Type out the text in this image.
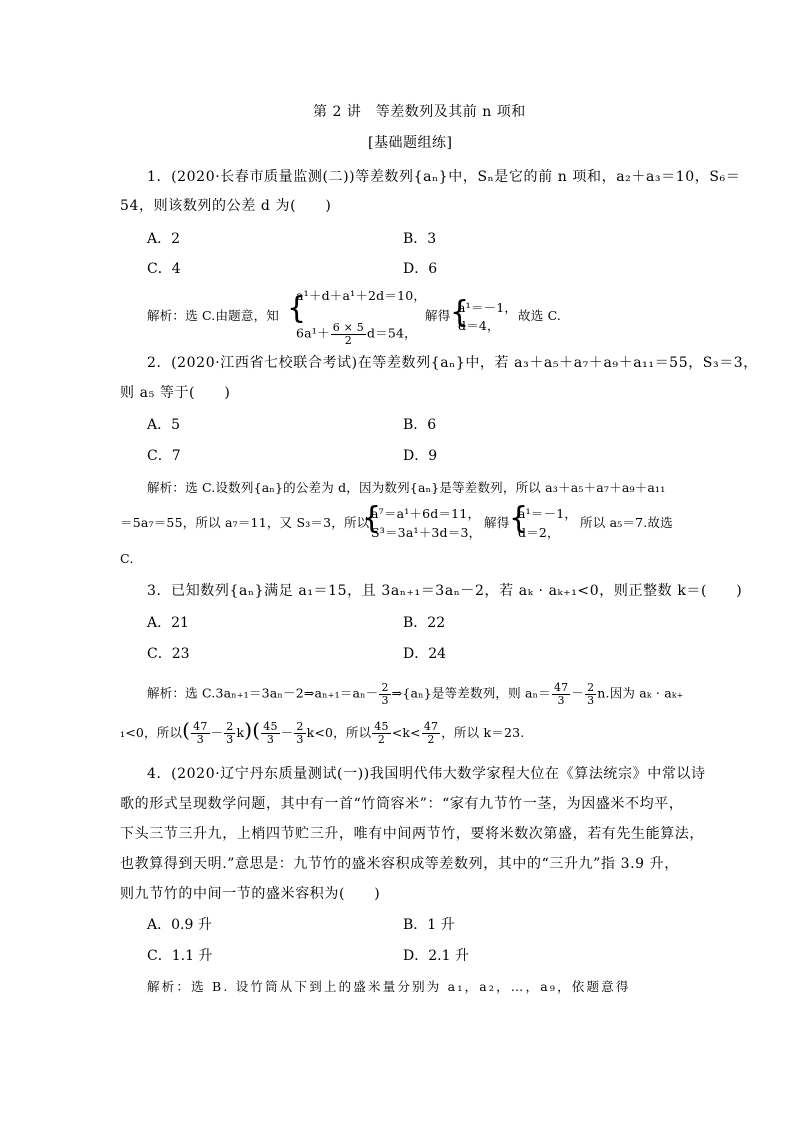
第 2 讲　等差数列及其前 n 项和
[基础题组练]
1．(2020·长春市质量监测(二))等差数列{aₙ}中，Sₙ是它的前 n 项和，a₂＋a₃＝10，S₆＝
54，则该数列的公差 d 为(　　)
A．2	B．3
C．4	D．6
解析：选 C.由题意，知 {
a¹＋d＋a¹＋2d＝10，
$6a^1+ \frac{6 \times 5}{2} d=54$，
解得 {
a¹＝－1，
d＝4，
故选 C.
2．(2020·江西省七校联合考试)在等差数列{aₙ}中，若 a₃＋a₅＋a₇＋a₉＋a₁₁＝55，S₃＝3，
则 a₅ 等于(　　)
A．5	B．6
C．7	D．9
解析：选 C.设数列{aₙ}的公差为 d，因为数列{aₙ}是等差数列，所以 a₃＋a₅＋a₇＋a₉＋a₁₁
＝5a₇＝55，所以 a₇＝11，又 S₃＝3，所以
{
a⁷＝a¹＋6d＝11，
S³＝3a¹＋3d＝3，
解得 {
a¹＝－1，
d＝2，
所以 a₅＝7.故选
C.
3．已知数列{aₙ}满足 a₁＝15，且 3aₙ₊₁＝3aₙ－2，若 aₖ · aₖ₊₁<0，则正整数 k＝(　　)
A．21	B．22
C．23	D．24
解析：选 C.3aₙ₊₁＝3aₙ－2⇒aₙ₊₁＝aₙ－ $\frac{2}{3}$ ⇒{aₙ}是等差数列，则 $a_n= \frac{47}{3} - \frac{2}{3} n$.因为 aₖ · aₖ₊
₁<0，所以( $\frac{47}{3} - \frac{2}{3} k)( \frac{45}{3} - \frac{2}{3} k<0$，所以 $\frac{45}{2} <k< \frac{47}{2}$ ，所以 k＝23.
4．(2020·辽宁丹东质量测试(一))我国明代伟大数学家程大位在《算法统宗》中常以诗
歌的形式呈现数学问题，其中有一首“竹筒容米”：“家有九节竹一茎，为因盛米不均平，
下头三节三升九，上梢四节贮三升，唯有中间两节竹，要将米数次第盛，若有先生能算法，
也教算得到天明.”意思是：九节竹的盛米容积成等差数列，其中的“三升九”指 3.9 升，
则九节竹的中间一节的盛米容积为(　　)
A．0.9 升	B．1 升
C．1.1 升	D．2.1 升
解析：选 B. 设竹筒从下到上的盛米量分别为 a₁，a₂，…，a₉，依题意得
